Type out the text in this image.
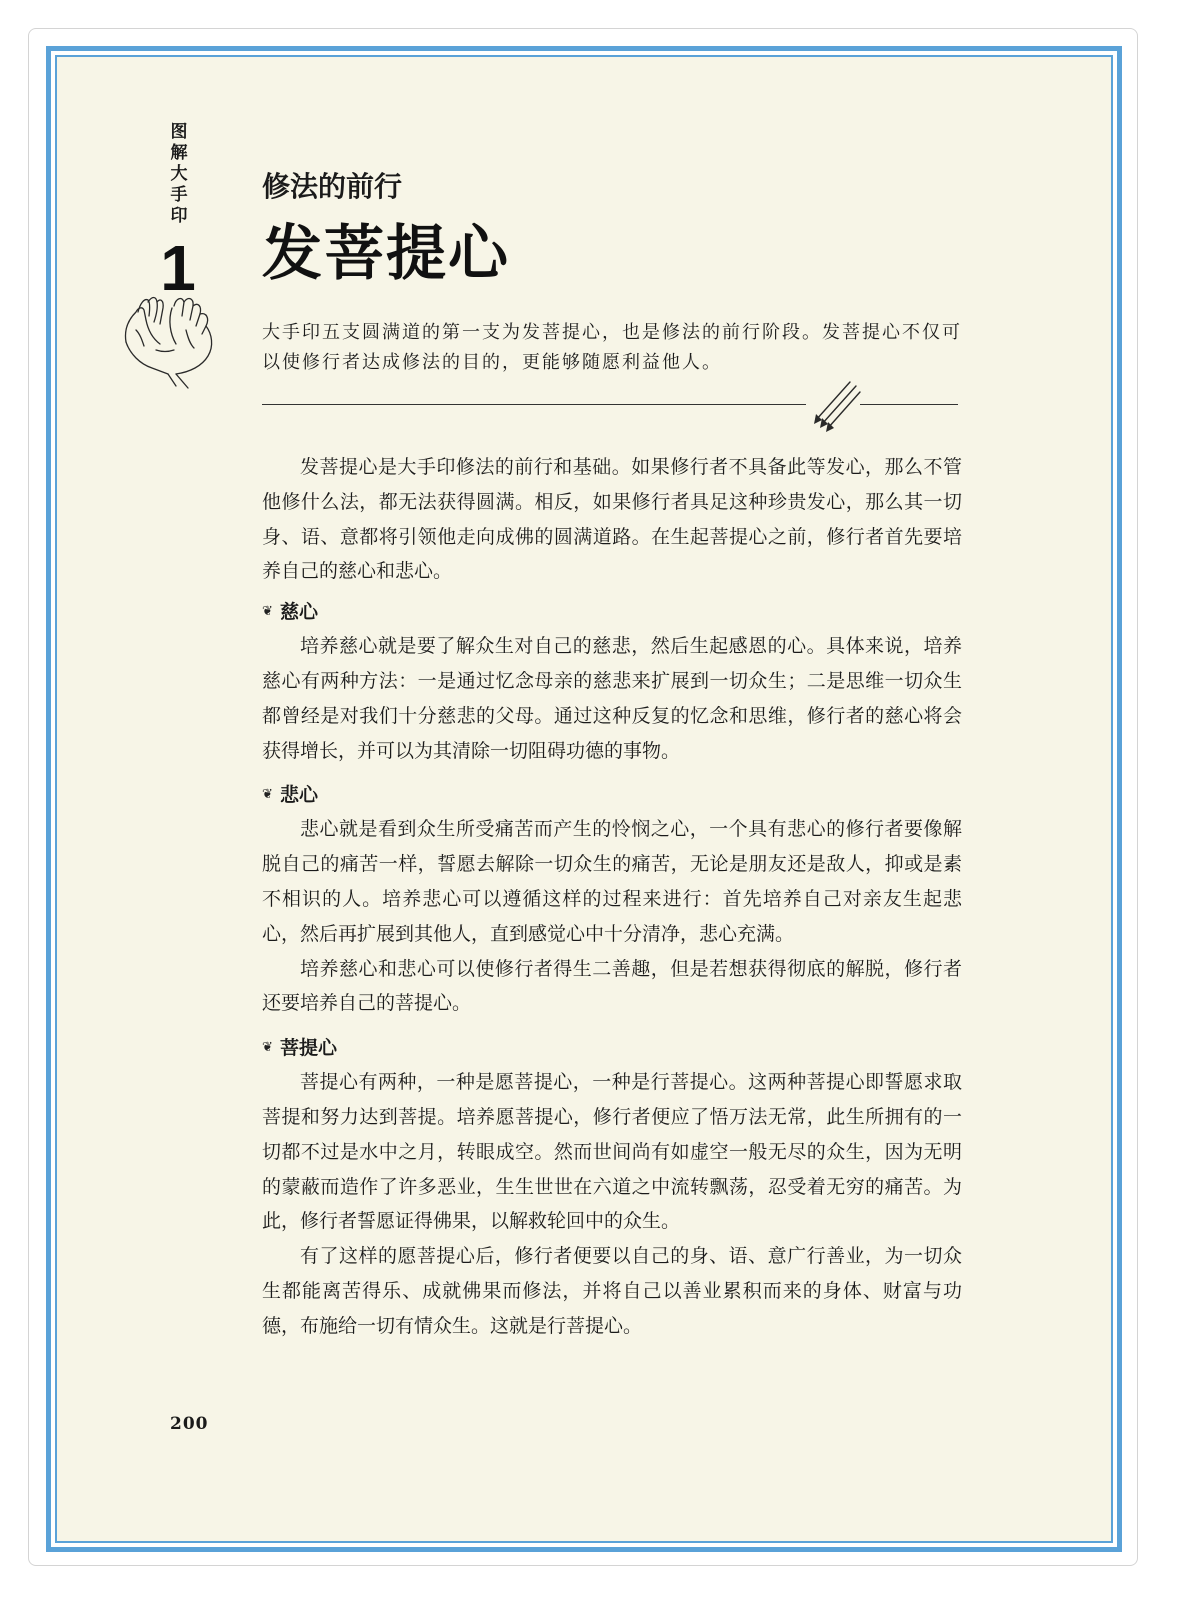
图
解
大
手
印
1
修法的前行
发菩提心
大手印五支圆满道的第一支为发菩提心，也是修法的前行阶段。发菩提心不仅可以使修行者达成修法的目的，更能够随愿利益他人。

发菩提心是大手印修法的前行和基础。如果修行者不具备此等发心，那么不管他修什么法，都无法获得圆满。相反，如果修行者具足这种珍贵发心，那么其一切身、语、意都将引领他走向成佛的圆满道路。在生起菩提心之前，修行者首先要培养自己的慈心和悲心。

❦ 慈心

培养慈心就是要了解众生对自己的慈悲，然后生起感恩的心。具体来说，培养慈心有两种方法：一是通过忆念母亲的慈悲来扩展到一切众生；二是思维一切众生都曾经是对我们十分慈悲的父母。通过这种反复的忆念和思维，修行者的慈心将会获得增长，并可以为其清除一切阻碍功德的事物。

❦ 悲心

悲心就是看到众生所受痛苦而产生的怜悯之心，一个具有悲心的修行者要像解脱自己的痛苦一样，誓愿去解除一切众生的痛苦，无论是朋友还是敌人，抑或是素不相识的人。培养悲心可以遵循这样的过程来进行：首先培养自己对亲友生起悲心，然后再扩展到其他人，直到感觉心中十分清净，悲心充满。

培养慈心和悲心可以使修行者得生二善趣，但是若想获得彻底的解脱，修行者还要培养自己的菩提心。

❦ 菩提心

菩提心有两种，一种是愿菩提心，一种是行菩提心。这两种菩提心即誓愿求取菩提和努力达到菩提。培养愿菩提心，修行者便应了悟万法无常，此生所拥有的一切都不过是水中之月，转眼成空。然而世间尚有如虚空一般无尽的众生，因为无明的蒙蔽而造作了许多恶业，生生世世在六道之中流转飘荡，忍受着无穷的痛苦。为此，修行者誓愿证得佛果，以解救轮回中的众生。

有了这样的愿菩提心后，修行者便要以自己的身、语、意广行善业，为一切众生都能离苦得乐、成就佛果而修法，并将自己以善业累积而来的身体、财富与功德，布施给一切有情众生。这就是行菩提心。

200
